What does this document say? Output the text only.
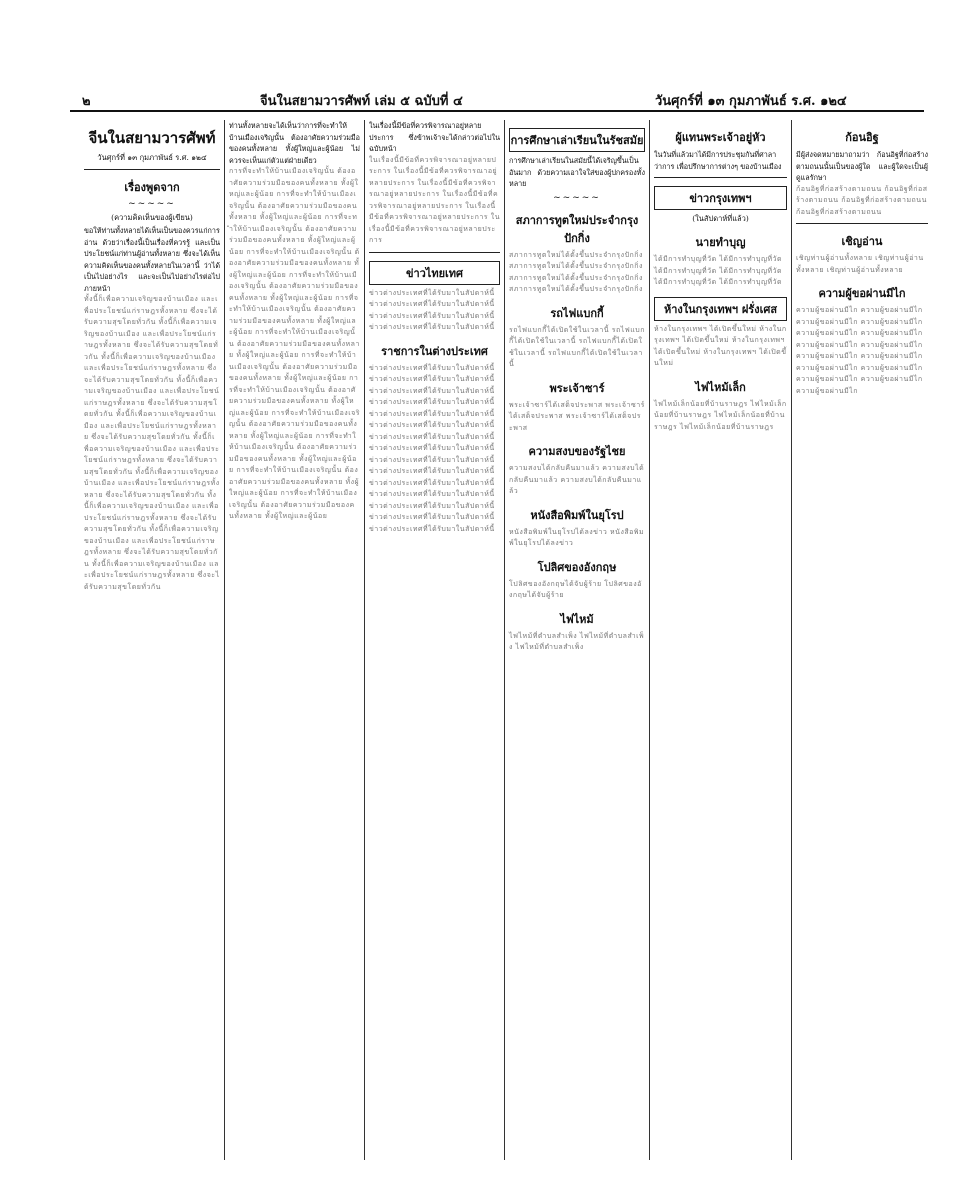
๒	จีนในสยามวารศัพท์ เล่ม ๕ ฉบับที่ ๔	วันศุกร์ที่ ๑๓ กุมภาพันธ์ ร.ศ. ๑๒๔
จีนในสยามวารศัพท์
วันศุกร์ที่ ๑๓ กุมภาพันธ์ ร.ศ. ๑๒๔
เรื่องพูดจาก
~~~~~
(ความคิดเห็นของผู้เขียน)
ขอให้ท่านทั้งหลายได้เห็นเป็นของควรแก่การอ่าน ด้วยว่าเรื่องนี้เป็นเรื่องที่ควรรู้ และเป็นประโยชน์แก่ท่านผู้อ่านทั้งหลาย ซึ่งจะได้เห็นความคิดเห็นของคนทั้งหลายในเวลานี้ ว่าได้เป็นไปอย่างไร และจะเป็นไปอย่างไรต่อไปภายหน้า
ทั้งนี้ก็เพื่อความเจริญของบ้านเมือง และเพื่อประโยชน์แก่ราษฎรทั้งหลาย ซึ่งจะได้รับความสุขโดยทั่วกัน ทั้งนี้ก็เพื่อความเจริญของบ้านเมือง และเพื่อประโยชน์แก่ราษฎรทั้งหลาย ซึ่งจะได้รับความสุขโดยทั่วกัน ทั้งนี้ก็เพื่อความเจริญของบ้านเมือง และเพื่อประโยชน์แก่ราษฎรทั้งหลาย ซึ่งจะได้รับความสุขโดยทั่วกัน ทั้งนี้ก็เพื่อความเจริญของบ้านเมือง และเพื่อประโยชน์แก่ราษฎรทั้งหลาย ซึ่งจะได้รับความสุขโดยทั่วกัน ทั้งนี้ก็เพื่อความเจริญของบ้านเมือง และเพื่อประโยชน์แก่ราษฎรทั้งหลาย ซึ่งจะได้รับความสุขโดยทั่วกัน ทั้งนี้ก็เพื่อความเจริญของบ้านเมือง และเพื่อประโยชน์แก่ราษฎรทั้งหลาย ซึ่งจะได้รับความสุขโดยทั่วกัน ทั้งนี้ก็เพื่อความเจริญของบ้านเมือง และเพื่อประโยชน์แก่ราษฎรทั้งหลาย ซึ่งจะได้รับความสุขโดยทั่วกัน ทั้งนี้ก็เพื่อความเจริญของบ้านเมือง และเพื่อประโยชน์แก่ราษฎรทั้งหลาย ซึ่งจะได้รับความสุขโดยทั่วกัน ทั้งนี้ก็เพื่อความเจริญของบ้านเมือง และเพื่อประโยชน์แก่ราษฎรทั้งหลาย ซึ่งจะได้รับความสุขโดยทั่วกัน ทั้งนี้ก็เพื่อความเจริญของบ้านเมือง และเพื่อประโยชน์แก่ราษฎรทั้งหลาย ซึ่งจะได้รับความสุขโดยทั่วกัน
ท่านทั้งหลายจะได้เห็นว่าการที่จะทำให้บ้านเมืองเจริญนั้น ต้องอาศัยความร่วมมือของคนทั้งหลาย ทั้งผู้ใหญ่และผู้น้อย ไม่ควรจะเห็นแก่ตัวแต่ฝ่ายเดียว
การที่จะทำให้บ้านเมืองเจริญนั้น ต้องอาศัยความร่วมมือของคนทั้งหลาย ทั้งผู้ใหญ่และผู้น้อย การที่จะทำให้บ้านเมืองเจริญนั้น ต้องอาศัยความร่วมมือของคนทั้งหลาย ทั้งผู้ใหญ่และผู้น้อย การที่จะทำให้บ้านเมืองเจริญนั้น ต้องอาศัยความร่วมมือของคนทั้งหลาย ทั้งผู้ใหญ่และผู้น้อย การที่จะทำให้บ้านเมืองเจริญนั้น ต้องอาศัยความร่วมมือของคนทั้งหลาย ทั้งผู้ใหญ่และผู้น้อย การที่จะทำให้บ้านเมืองเจริญนั้น ต้องอาศัยความร่วมมือของคนทั้งหลาย ทั้งผู้ใหญ่และผู้น้อย การที่จะทำให้บ้านเมืองเจริญนั้น ต้องอาศัยความร่วมมือของคนทั้งหลาย ทั้งผู้ใหญ่และผู้น้อย การที่จะทำให้บ้านเมืองเจริญนั้น ต้องอาศัยความร่วมมือของคนทั้งหลาย ทั้งผู้ใหญ่และผู้น้อย การที่จะทำให้บ้านเมืองเจริญนั้น ต้องอาศัยความร่วมมือของคนทั้งหลาย ทั้งผู้ใหญ่และผู้น้อย การที่จะทำให้บ้านเมืองเจริญนั้น ต้องอาศัยความร่วมมือของคนทั้งหลาย ทั้งผู้ใหญ่และผู้น้อย การที่จะทำให้บ้านเมืองเจริญนั้น ต้องอาศัยความร่วมมือของคนทั้งหลาย ทั้งผู้ใหญ่และผู้น้อย การที่จะทำให้บ้านเมืองเจริญนั้น ต้องอาศัยความร่วมมือของคนทั้งหลาย ทั้งผู้ใหญ่และผู้น้อย การที่จะทำให้บ้านเมืองเจริญนั้น ต้องอาศัยความร่วมมือของคนทั้งหลาย ทั้งผู้ใหญ่และผู้น้อย การที่จะทำให้บ้านเมืองเจริญนั้น ต้องอาศัยความร่วมมือของคนทั้งหลาย ทั้งผู้ใหญ่และผู้น้อย
ในเรื่องนี้มีข้อที่ควรพิจารณาอยู่หลายประการ ซึ่งข้าพเจ้าจะได้กล่าวต่อไปในฉบับหน้า
ในเรื่องนี้มีข้อที่ควรพิจารณาอยู่หลายประการ ในเรื่องนี้มีข้อที่ควรพิจารณาอยู่หลายประการ ในเรื่องนี้มีข้อที่ควรพิจารณาอยู่หลายประการ ในเรื่องนี้มีข้อที่ควรพิจารณาอยู่หลายประการ ในเรื่องนี้มีข้อที่ควรพิจารณาอยู่หลายประการ ในเรื่องนี้มีข้อที่ควรพิจารณาอยู่หลายประการ
ข่าวไทยเทศ
ข่าวต่างประเทศที่ได้รับมาในสัปดาห์นี้ ข่าวต่างประเทศที่ได้รับมาในสัปดาห์นี้ ข่าวต่างประเทศที่ได้รับมาในสัปดาห์นี้ ข่าวต่างประเทศที่ได้รับมาในสัปดาห์นี้
ราชการในต่างประเทศ
ข่าวต่างประเทศที่ได้รับมาในสัปดาห์นี้ ข่าวต่างประเทศที่ได้รับมาในสัปดาห์นี้ ข่าวต่างประเทศที่ได้รับมาในสัปดาห์นี้ ข่าวต่างประเทศที่ได้รับมาในสัปดาห์นี้ ข่าวต่างประเทศที่ได้รับมาในสัปดาห์นี้ ข่าวต่างประเทศที่ได้รับมาในสัปดาห์นี้ ข่าวต่างประเทศที่ได้รับมาในสัปดาห์นี้ ข่าวต่างประเทศที่ได้รับมาในสัปดาห์นี้ ข่าวต่างประเทศที่ได้รับมาในสัปดาห์นี้ ข่าวต่างประเทศที่ได้รับมาในสัปดาห์นี้ ข่าวต่างประเทศที่ได้รับมาในสัปดาห์นี้ ข่าวต่างประเทศที่ได้รับมาในสัปดาห์นี้ ข่าวต่างประเทศที่ได้รับมาในสัปดาห์นี้ ข่าวต่างประเทศที่ได้รับมาในสัปดาห์นี้ ข่าวต่างประเทศที่ได้รับมาในสัปดาห์นี้
การศึกษาเล่าเรียนในรัชสมัย
การศึกษาเล่าเรียนในสมัยนี้ได้เจริญขึ้นเป็นอันมาก ด้วยความเอาใจใส่ของผู้ปกครองทั้งหลาย
~~~~~
สภาการทูตใหม่ประจำกรุงปักกิ่ง
สภาการทูตใหม่ได้ตั้งขึ้นประจำกรุงปักกิ่ง สภาการทูตใหม่ได้ตั้งขึ้นประจำกรุงปักกิ่ง สภาการทูตใหม่ได้ตั้งขึ้นประจำกรุงปักกิ่ง สภาการทูตใหม่ได้ตั้งขึ้นประจำกรุงปักกิ่ง
รถไฟแบกกี้
รถไฟแบกกี้ได้เปิดใช้ในเวลานี้ รถไฟแบกกี้ได้เปิดใช้ในเวลานี้ รถไฟแบกกี้ได้เปิดใช้ในเวลานี้ รถไฟแบกกี้ได้เปิดใช้ในเวลานี้
พระเจ้าซาร์
พระเจ้าซาร์ได้เสด็จประพาส พระเจ้าซาร์ได้เสด็จประพาส พระเจ้าซาร์ได้เสด็จประพาส
ความสงบของรัฐไชย
ความสงบได้กลับคืนมาแล้ว ความสงบได้กลับคืนมาแล้ว ความสงบได้กลับคืนมาแล้ว
หนังสือพิมพ์ในยุโรป
หนังสือพิมพ์ในยุโรปได้ลงข่าว หนังสือพิมพ์ในยุโรปได้ลงข่าว
โปลิศของอังกฤษ
โปลิศของอังกฤษได้จับผู้ร้าย โปลิศของอังกฤษได้จับผู้ร้าย
ไฟไหม้
ไฟไหม้ที่ตำบลสำเพ็ง ไฟไหม้ที่ตำบลสำเพ็ง ไฟไหม้ที่ตำบลสำเพ็ง
ผู้แทนพระเจ้าอยู่หัว
ในวันที่แล้วมาได้มีการประชุมกันที่ศาลาว่าการ เพื่อปรึกษาการต่างๆ ของบ้านเมือง
ข่าวกรุงเทพฯ
(ในสัปดาห์ที่แล้ว)
นายทำบุญ
ได้มีการทำบุญที่วัด ได้มีการทำบุญที่วัด ได้มีการทำบุญที่วัด ได้มีการทำบุญที่วัด ได้มีการทำบุญที่วัด ได้มีการทำบุญที่วัด
ห้างในกรุงเทพฯ ฝรั่งเศส
ห้างในกรุงเทพฯ ได้เปิดขึ้นใหม่ ห้างในกรุงเทพฯ ได้เปิดขึ้นใหม่ ห้างในกรุงเทพฯ ได้เปิดขึ้นใหม่ ห้างในกรุงเทพฯ ได้เปิดขึ้นใหม่
ไฟไหม้เล็ก
ไฟไหม้เล็กน้อยที่บ้านราษฎร ไฟไหม้เล็กน้อยที่บ้านราษฎร ไฟไหม้เล็กน้อยที่บ้านราษฎร ไฟไหม้เล็กน้อยที่บ้านราษฎร
ก้อนอิฐ
มีผู้ส่งจดหมายมาถามว่า ก้อนอิฐที่ก่อสร้างตามถนนนั้นเป็นของผู้ใด และผู้ใดจะเป็นผู้ดูแลรักษา
ก้อนอิฐที่ก่อสร้างตามถนน ก้อนอิฐที่ก่อสร้างตามถนน ก้อนอิฐที่ก่อสร้างตามถนน ก้อนอิฐที่ก่อสร้างตามถนน
เชิญอ่าน
เชิญท่านผู้อ่านทั้งหลาย เชิญท่านผู้อ่านทั้งหลาย เชิญท่านผู้อ่านทั้งหลาย
ความผู้ขอผ่านมีไก
ความผู้ขอผ่านมีไก ความผู้ขอผ่านมีไก ความผู้ขอผ่านมีไก ความผู้ขอผ่านมีไก ความผู้ขอผ่านมีไก ความผู้ขอผ่านมีไก ความผู้ขอผ่านมีไก ความผู้ขอผ่านมีไก ความผู้ขอผ่านมีไก ความผู้ขอผ่านมีไก ความผู้ขอผ่านมีไก ความผู้ขอผ่านมีไก ความผู้ขอผ่านมีไก ความผู้ขอผ่านมีไก ความผู้ขอผ่านมีไก
